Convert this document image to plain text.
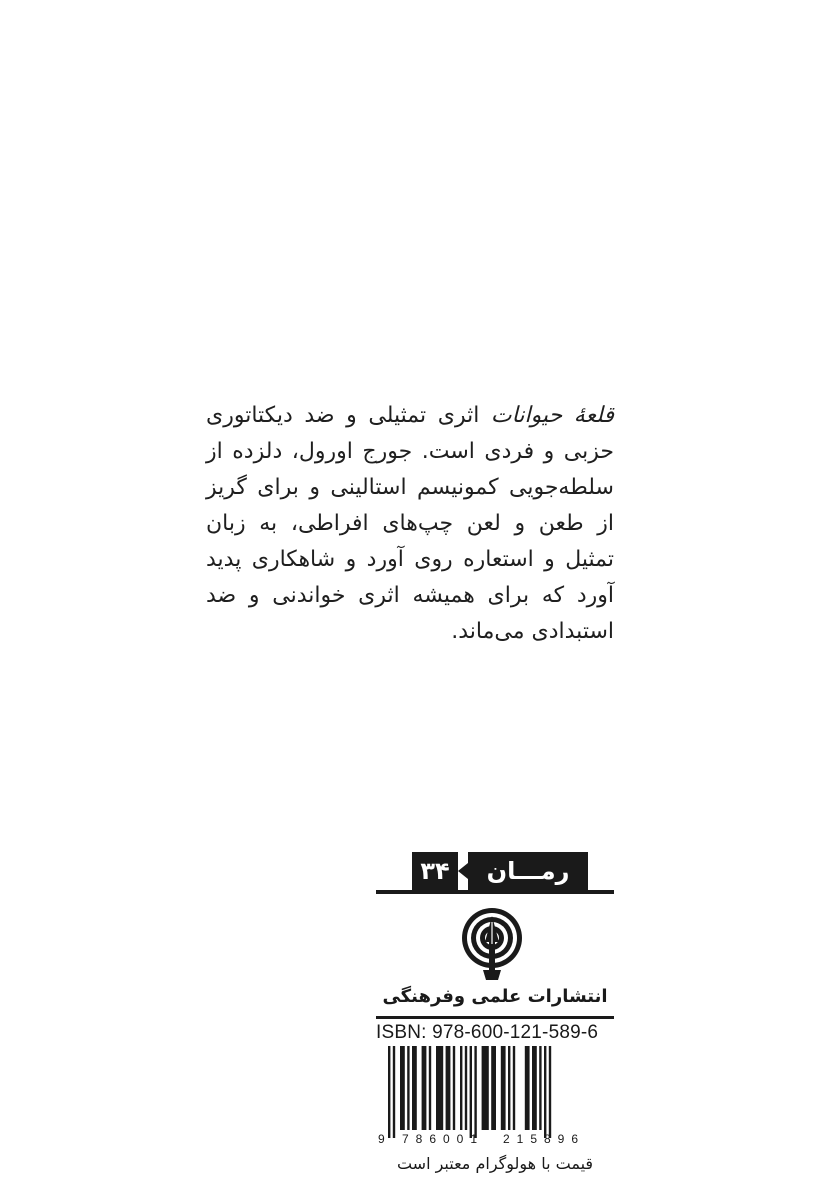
قلعهٔ حیوانات اثری تمثیلی و ضد دیکتاتوری حزبی و فردی است. جورج اورول، دلزده از سلطه‌جویی کمونیسم استالینی و برای گریز از طعن و لعن چپ‌های افراطی، به زبان تمثیل و استعاره روی آورد و شاهکاری پدید آورد که برای همیشه اثری خواندنی و ضد استبدادی می‌ماند.

رمـــان
۳۴
انتشارات علمی وفرهنگی
ISBN: 978-600-121-589-6
9 786001 215896
قیمت با هولوگرام معتبر است
